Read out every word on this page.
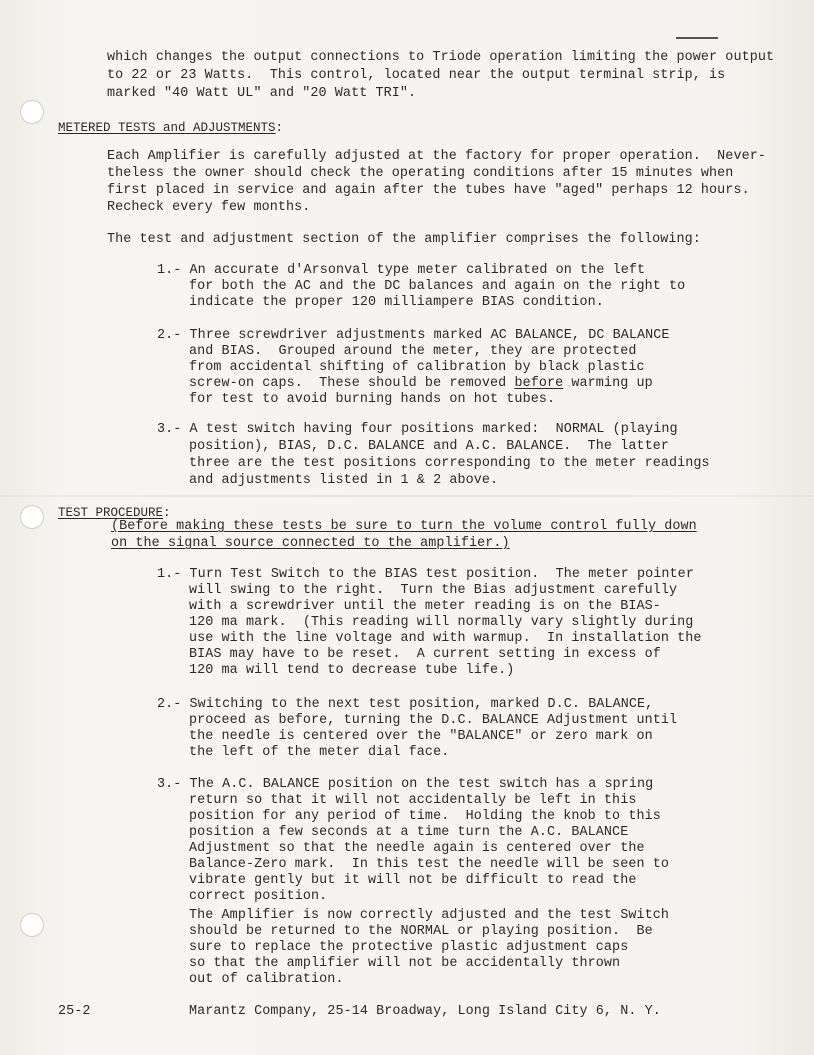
which changes the output connections to Triode operation limiting the power output
to 22 or 23 Watts.  This control, located near the output terminal strip, is
marked "40 Watt UL" and "20 Watt TRI".
METERED TESTS and ADJUSTMENTS:
Each Amplifier is carefully adjusted at the factory for proper operation.  Never-
theless the owner should check the operating conditions after 15 minutes when
first placed in service and again after the tubes have "aged" perhaps 12 hours.
Recheck every few months.
The test and adjustment section of the amplifier comprises the following:
1.- An accurate d'Arsonval type meter calibrated on the left
for both the AC and the DC balances and again on the right to
indicate the proper 120 milliampere BIAS condition.
2.- Three screwdriver adjustments marked AC BALANCE, DC BALANCE
and BIAS.  Grouped around the meter, they are protected
from accidental shifting of calibration by black plastic
screw-on caps.  These should be removed before warming up
for test to avoid burning hands on hot tubes.
3.- A test switch having four positions marked:  NORMAL (playing
position), BIAS, D.C. BALANCE and A.C. BALANCE.  The latter
three are the test positions corresponding to the meter readings
and adjustments listed in 1 & 2 above.
TEST PROCEDURE:
(Before making these tests be sure to turn the volume control fully down
on the signal source connected to the amplifier.)
1.- Turn Test Switch to the BIAS test position.  The meter pointer
will swing to the right.  Turn the Bias adjustment carefully
with a screwdriver until the meter reading is on the BIAS-
120 ma mark.  (This reading will normally vary slightly during
use with the line voltage and with warmup.  In installation the
BIAS may have to be reset.  A current setting in excess of
120 ma will tend to decrease tube life.)
2.- Switching to the next test position, marked D.C. BALANCE,
proceed as before, turning the D.C. BALANCE Adjustment until
the needle is centered over the "BALANCE" or zero mark on
the left of the meter dial face.
3.- The A.C. BALANCE position on the test switch has a spring
return so that it will not accidentally be left in this
position for any period of time.  Holding the knob to this
position a few seconds at a time turn the A.C. BALANCE
Adjustment so that the needle again is centered over the
Balance-Zero mark.  In this test the needle will be seen to
vibrate gently but it will not be difficult to read the
correct position.
The Amplifier is now correctly adjusted and the test Switch
should be returned to the NORMAL or playing position.  Be
sure to replace the protective plastic adjustment caps
so that the amplifier will not be accidentally thrown
out of calibration.
25-2	Marantz Company, 25-14 Broadway, Long Island City 6, N. Y.
